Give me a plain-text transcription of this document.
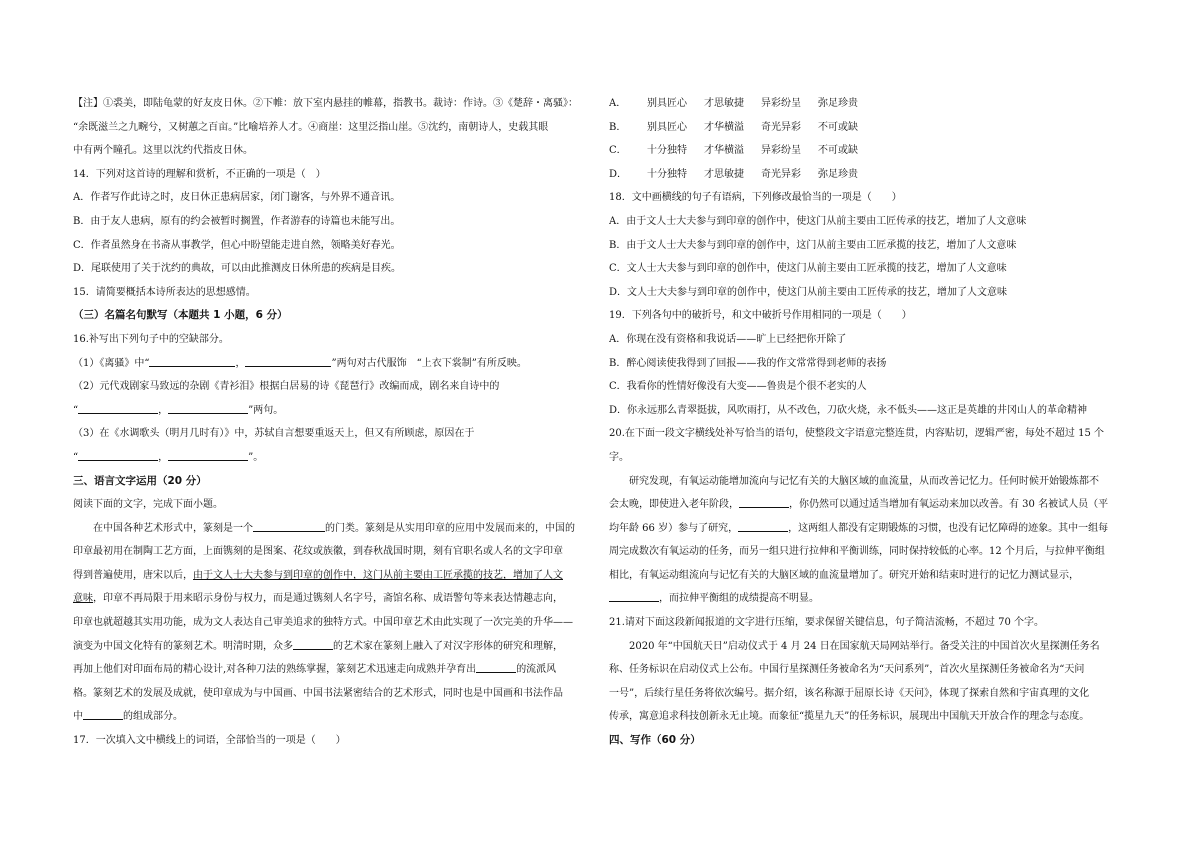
【注】①裘美，即陆龟蒙的好友皮日休。②下帷：放下室内悬挂的帷幕，指教书。裁诗：作诗。③《楚辞・离骚》：
“余既滋兰之九畹兮，又树蕙之百亩。”比喻培养人才。④商崖：这里泛指山崖。⑤沈约，南朝诗人，史载其眼
中有两个瞳孔。这里以沈约代指皮日休。
14．下列对这首诗的理解和赏析，不正确的一项是（　）
A．作者写作此诗之时，皮日休正患病居家，闭门谢客，与外界不通音讯。
B．由于友人患病，原有的约会被暂时搁置，作者游春的诗篇也未能写出。
C．作者虽然身在书斋从事教学，但心中盼望能走进自然，领略美好春光。
D．尾联使用了关于沈约的典故，可以由此推测皮日休所患的疾病是目疾。
15．请简要概括本诗所表达的思想感情。
（三）名篇名句默写（本题共 1 小题，6 分）
16.补写出下列句子中的空缺部分。
（1）《离骚》中“	，	”两句对古代服饰　“上衣下裳制”有所反映。
（2）元代戏剧家马致远的杂剧《青衫泪》根据白居易的诗《琵琶行》改编而成，剧名来自诗中的
“	，	”两句。
（3）在《水调歌头（明月几时有）》中，苏轼自言想要重返天上，但又有所顾虑，原因在于
“	，	”。
三、语言文字运用（20 分）
阅读下面的文字，完成下面小题。
在中国各种艺术形式中，篆刻是一个	的门类。篆刻是从实用印章的应用中发展而来的，中国的
印章最初用在制陶工艺方面，上面镌刻的是图案、花纹或族徽，到春秋战国时期，刻有官职名或人名的文字印章
得到普遍使用，唐宋以后，由于文人士大夫参与到印章的创作中，这门从前主要由工匠承揽的技艺，增加了人文
意味，印章不再局限于用来昭示身份与权力，而是通过镌刻人名字号，斋馆名称、成语警句等来表达情趣志向，
印章也就超越其实用功能，成为文人表达自己审美追求的独特方式。中国印章艺术由此实现了一次完美的升华——
演变为中国文化特有的篆刻艺术。明清时期，众多	的艺术家在篆刻上融入了对汉字形体的研究和理解，
再加上他们对印面布局的精心设计,对各种刀法的熟练掌握，篆刻艺术迅速走向成熟并孕育出	的流派风
格。篆刻艺术的发展及成就，使印章成为与中国画、中国书法紧密结合的艺术形式，同时也是中国画和书法作品
中	的组成部分。
17．一次填入文中横线上的词语，全部恰当的一项是（　　）
A． 别具匠心 才思敏捷 异彩纷呈 弥足珍贵
B． 别具匠心 才华横溢 奇光异彩 不可或缺
C． 十分独特 才华横溢 异彩纷呈 不可或缺
D． 十分独特 才思敏捷 奇光异彩 弥足珍贵
18．文中画横线的句子有语病，下列修改最恰当的一项是（　　）
A．由于文人士大夫参与到印章的创作中，使这门从前主要由工匠传承的技艺，增加了人文意味
B．由于文人士大夫参与到印章的创作中，这门从前主要由工匠承揽的技艺，增加了人文意味
C．文人士大夫参与到印章的创作中，使这门从前主要由工匠承揽的技艺，增加了人文意味
D．文人士大夫参与到印章的创作中，使这门从前主要由工匠传承的技艺，增加了人文意味
19．下列各句中的破折号，和文中破折号作用相同的一项是（　　）
A．你现在没有资格和我说话——旷上已经把你开除了
B．醉心阅读使我得到了回报——我的作文常常得到老师的表扬
C．我看你的性情好像没有大变——鲁贵是个很不老实的人
D．你永远那么青翠挺拔，风吹雨打，从不改色，刀砍火烧，永不低头——这正是英雄的井冈山人的革命精神
20.在下面一段文字横线处补写恰当的语句，使整段文字语意完整连贯，内容贴切，逻辑严密，每处不超过 15 个
字。
研究发现，有氧运动能增加流向与记忆有关的大脑区域的血流量，从而改善记忆力。任何时候开始锻炼都不
会太晚，即使进入老年阶段，	，你仍然可以通过适当增加有氧运动来加以改善。有 30 名被试人员（平
均年龄 66 岁）参与了研究，	，这两组人都没有定期锻炼的习惯，也没有记忆障碍的迹象。其中一组每
周完成数次有氧运动的任务，而另一组只进行拉伸和平衡训练，同时保持较低的心率。12 个月后，与拉伸平衡组
相比，有氧运动组流向与记忆有关的大脑区域的血流量增加了。研究开始和结束时进行的记忆力测试显示，
，而拉伸平衡组的成绩提高不明显。
21.请对下面这段新闻报道的文字进行压缩，要求保留关键信息，句子简洁流畅，不超过 70 个字。
2020 年“中国航天日”启动仪式于 4 月 24 日在国家航天局网站举行。备受关注的中国首次火星探测任务名
称、任务标识在启动仪式上公布。中国行星探测任务被命名为“天问系列”，首次火星探测任务被命名为“天问
一号”，后续行星任务将依次编号。据介绍，该名称源于屈原长诗《天问》，体现了探索自然和宇宙真理的文化
传承，寓意追求科技创新永无止境。而象征“揽星九天”的任务标识，展现出中国航天开放合作的理念与态度。
四、写作（60 分）
